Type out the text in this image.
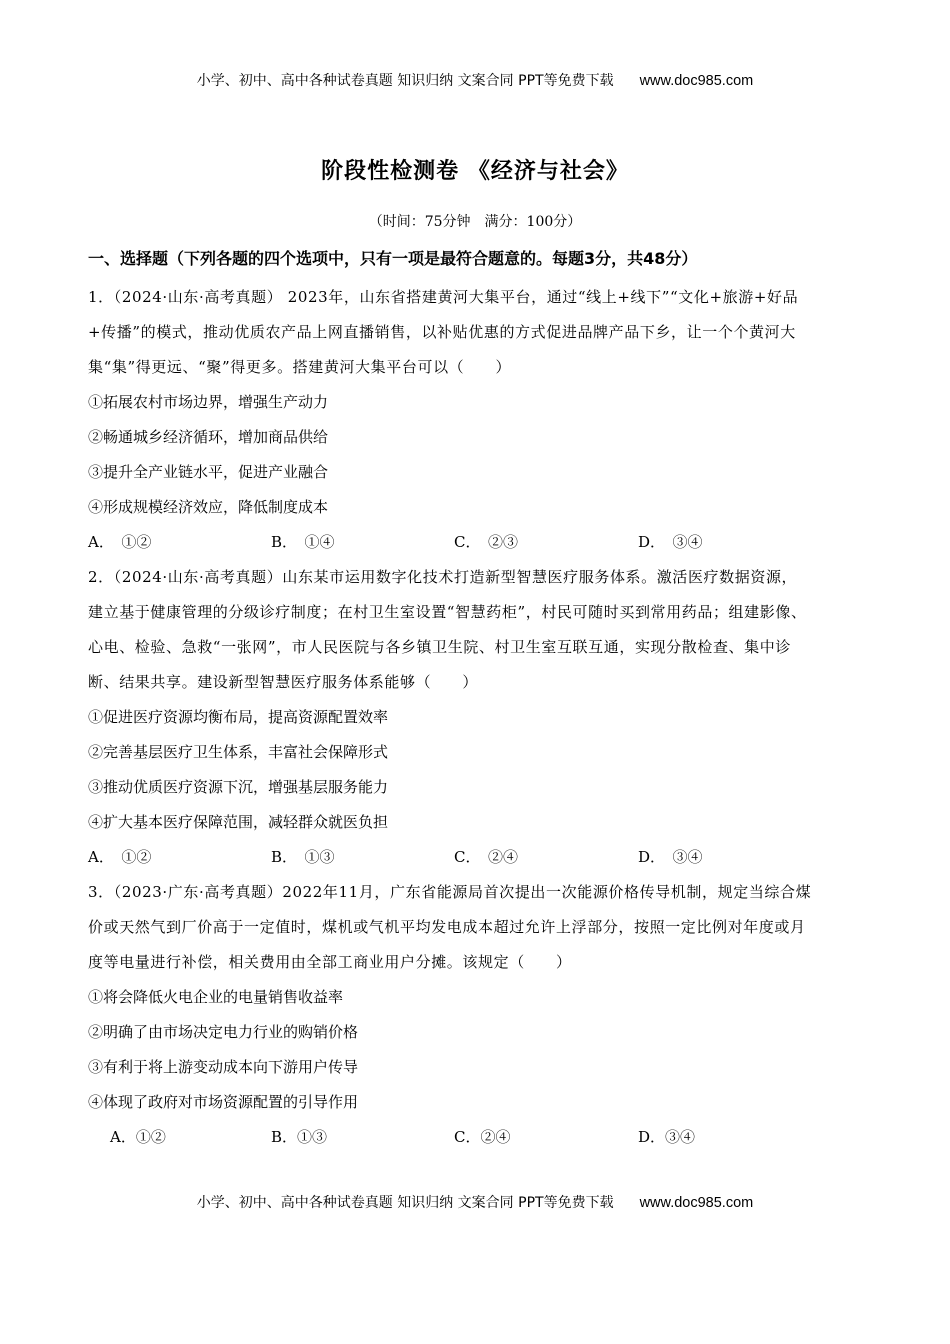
小学、初中、高中各种试卷真题 知识归纳 文案合同 PPT等免费下载 www.doc985.com
阶段性检测卷 《经济与社会》
（时间：75分钟　满分：100分）
一、选择题（下列各题的四个选项中，只有一项是最符合题意的。每题3分，共48分）
1．（2024·山东·高考真题） 2023年，山东省搭建黄河大集平台，通过“线上+线下”“文化+旅游+好品
+传播”的模式，推动优质农产品上网直播销售，以补贴优惠的方式促进品牌产品下乡，让一个个黄河大
集“集”得更远、“聚”得更多。搭建黄河大集平台可以（　　）
①拓展农村市场边界，增强生产动力
②畅通城乡经济循环，增加商品供给
③提升全产业链水平，促进产业融合
④形成规模经济效应，降低制度成本
A．　①②	B．　①④	C．　②③	D．　③④
2．（2024·山东·高考真题）山东某市运用数字化技术打造新型智慧医疗服务体系。激活医疗数据资源，
建立基于健康管理的分级诊疗制度；在村卫生室设置“智慧药柜”，村民可随时买到常用药品；组建影像、
心电、检验、急救“一张网”，市人民医院与各乡镇卫生院、村卫生室互联互通，实现分散检查、集中诊
断、结果共享。建设新型智慧医疗服务体系能够（　　）
①促进医疗资源均衡布局，提高资源配置效率
②完善基层医疗卫生体系，丰富社会保障形式
③推动优质医疗资源下沉，增强基层服务能力
④扩大基本医疗保障范围，减轻群众就医负担
A．　①②	B．　①③	C．　②④	D．　③④
3．（2023·广东·高考真题）2022年11月，广东省能源局首次提出一次能源价格传导机制，规定当综合煤
价或天然气到厂价高于一定值时，煤机或气机平均发电成本超过允许上浮部分，按照一定比例对年度或月
度等电量进行补偿，相关费用由全部工商业用户分摊。该规定（　　）
①将会降低火电企业的电量销售收益率
②明确了由市场决定电力行业的购销价格
③有利于将上游变动成本向下游用户传导
④体现了政府对市场资源配置的引导作用
A．①②	B．①③	C．②④	D．③④
小学、初中、高中各种试卷真题 知识归纳 文案合同 PPT等免费下载 www.doc985.com
